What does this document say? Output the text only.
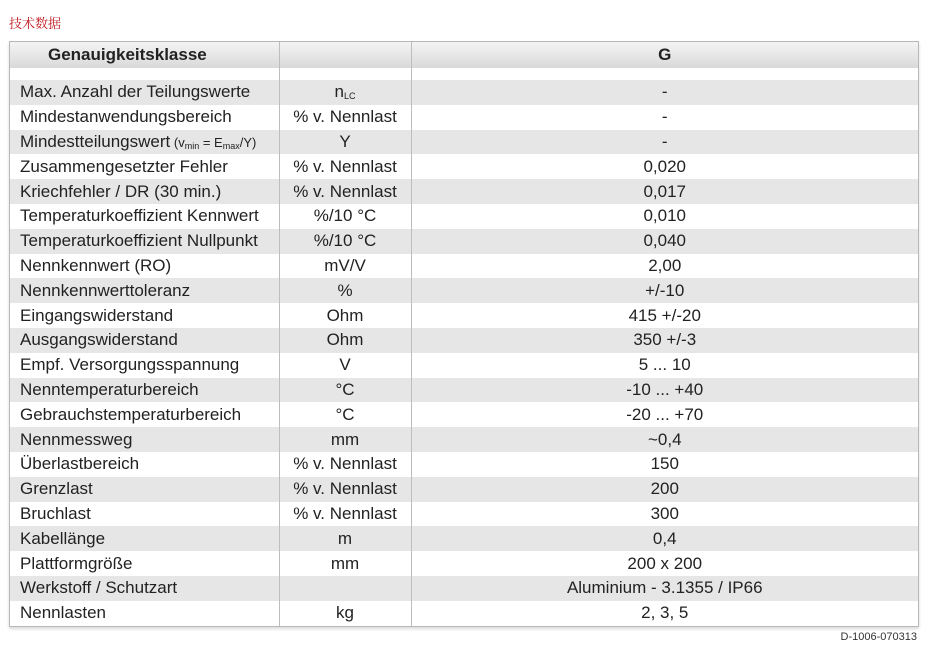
技术数据
Genauigkeitsklasse		G

Max. Anzahl der Teilungswerte	$n_{LC}$	-
Mindestanwendungsbereich	% v. Nennlast	-
Mindestteilungswert $(v_{min} = E_{max}/Y)$	Y	-
Zusammengesetzter Fehler	% v. Nennlast	0,020
Kriechfehler / DR (30 min.)	% v. Nennlast	0,017
Temperaturkoeffizient Kennwert	%/10 °C	0,010
Temperaturkoeffizient Nullpunkt	%/10 °C	0,040
Nennkennwert (RO)	mV/V	2,00
Nennkennwerttoleranz	%	+/-10
Eingangswiderstand	Ohm	415 +/-20
Ausgangswiderstand	Ohm	350 +/-3
Empf. Versorgungsspannung	V	5 ... 10
Nenntemperaturbereich	°C	-10 ... +40
Gebrauchstemperaturbereich	°C	-20 ... +70
Nennmessweg	mm	~0,4
Überlastbereich	% v. Nennlast	150
Grenzlast	% v. Nennlast	200
Bruchlast	% v. Nennlast	300
Kabellänge	m	0,4
Plattformgröße	mm	200 x 200
Werkstoff / Schutzart		Aluminium - 3.1355 / IP66
Nennlasten	kg	2, 3, 5
D-1006-070313
